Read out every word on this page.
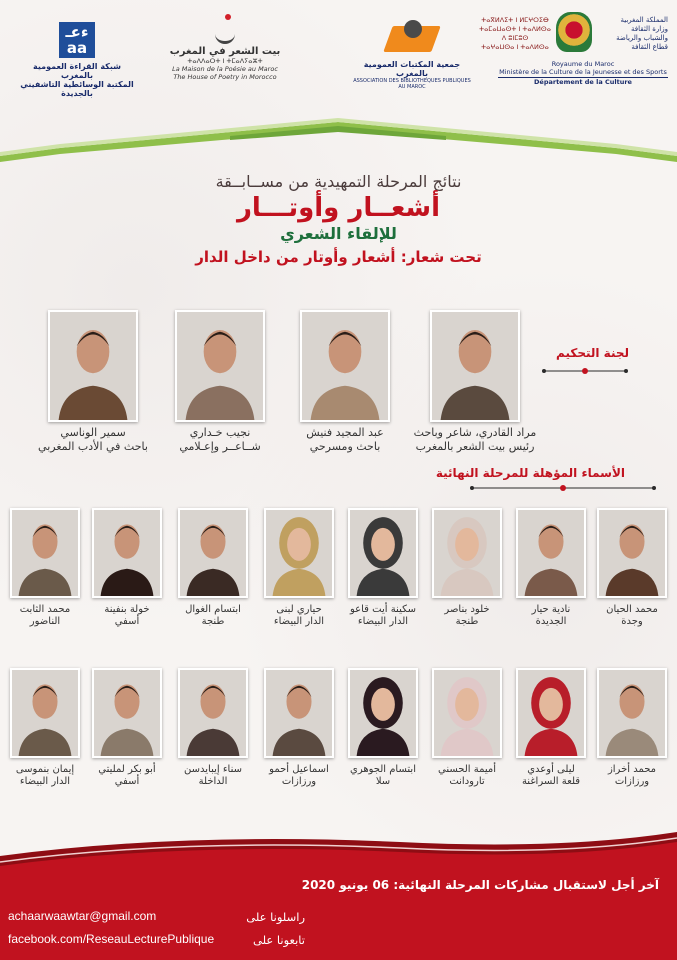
ءعـ aa
شبكة القراءة العمومية بالمغرب
المكتبة الوسائطية التاشفيني بالجديدة
بيت الشعر في المغرب
ⵜⴰⴷⴷⴰⵔⵜ ⵏ ⵜⵎⴰⴷⵢⴰⵣⵜ
La Maison de la Poésie au Maroc
The House of Poetry in Morocco
جمعية المكتبات العمومية بالمغرب
ASSOCIATION DES BIBLIOTHEQUES PUBLIQUES AU MAROC
المملكة المغربية
وزارة الثقافة
والشباب والرياضة
قطاع الثقافة
ⵜⴰⴳⵍⴷⵉⵜ ⵏ ⵍⵎⵖⵔⵉⴱ
ⵜⴰⵎⴰⵡⴰⵙⵜ ⵏ ⵜⴰⴷⵍⵙⴰ
ⴷ ⵓⵏⵎⵓⵙ
ⵜⴰⵖⴰⵡⵙⴰ ⵏ ⵜⴰⴷⵍⵙⴰ
Royaume du Maroc
Ministère de la Culture de la Jeunesse et des Sports
Département de la Culture
نتائج المرحلة التمهيدية من مســابــقة
أشعــار وأوتـــار
للإلقاء الشعري
تحت شعار: أشعار وأوتار من داخل الدار
لجنة التحكيم
مراد القادري، شاعر وباحث
رئيس بيت الشعر بالمغرب
عبد المجيد فنيش
باحث ومسرحي
نجيب خـداري
شــاعــر وإعـلامي
سمير الوناسي
باحث في الأدب المغربي
الأسماء المؤهلة للمرحلة النهائية
محمد الحيان
وجدة
نادية حيار
الجديدة
خلود بناصر
طنجة
سكينة أيت قاعو
الدار البيضاء
حياري لبنى
الدار البيضاء
ابتسام الغوال
طنجة
خولة بنفينة
أسفي
محمد الثابت
الناضور
محمد أخراز
ورزازات
ليلى أوعدي
قلعة السراغنة
أميمة الحسني
تارودانت
ابتسام الجوهري
سلا
اسماعيل أحمو
ورزازات
سناء إيبايدسن
الداخلة
أبو بكر لمليتي
أسفي
إيمان بنموسى
الدار البيضاء
آخر أجل لاستقبال مشاركات المرحلة النهائية: 06 يونيو 2020
راسلونا على
achaarwaawtar@gmail.com
تابعونا على
facebook.com/ReseauLecturePublique
